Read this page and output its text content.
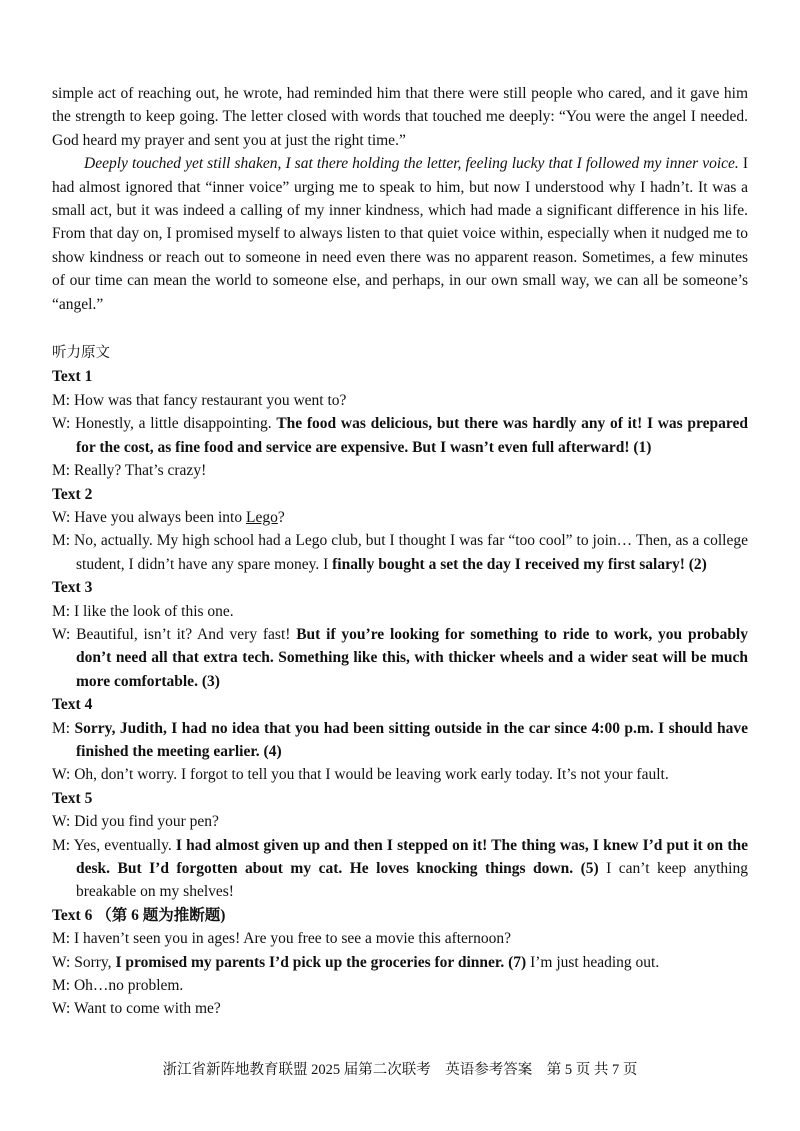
simple act of reaching out, he wrote, had reminded him that there were still people who cared, and it gave him the strength to keep going. The letter closed with words that touched me deeply: “You were the angel I needed. God heard my prayer and sent you at just the right time.”

Deeply touched yet still shaken, I sat there holding the letter, feeling lucky that I followed my inner voice. I had almost ignored that “inner voice” urging me to speak to him, but now I understood why I hadn’t. It was a small act, but it was indeed a calling of my inner kindness, which had made a significant difference in his life. From that day on, I promised myself to always listen to that quiet voice within, especially when it nudged me to show kindness or reach out to someone in need even there was no apparent reason. Sometimes, a few minutes of our time can mean the world to someone else, and perhaps, in our own small way, we can all be someone’s “angel.”

听力原文
Text 1
M: How was that fancy restaurant you went to?
W: Honestly, a little disappointing. The food was delicious, but there was hardly any of it! I was prepared for the cost, as fine food and service are expensive. But I wasn’t even full afterward! (1)
M: Really? That’s crazy!
Text 2
W: Have you always been into Lego?
M: No, actually. My high school had a Lego club, but I thought I was far “too cool” to join… Then, as a college student, I didn’t have any spare money. I finally bought a set the day I received my first salary! (2)
Text 3
M: I like the look of this one.
W: Beautiful, isn’t it? And very fast! But if you’re looking for something to ride to work, you probably don’t need all that extra tech. Something like this, with thicker wheels and a wider seat will be much more comfortable. (3)
Text 4
M: Sorry, Judith, I had no idea that you had been sitting outside in the car since 4:00 p.m. I should have finished the meeting earlier. (4)
W: Oh, don’t worry. I forgot to tell you that I would be leaving work early today. It’s not your fault.
Text 5
W: Did you find your pen?
M: Yes, eventually. I had almost given up and then I stepped on it! The thing was, I knew I’d put it on the desk. But I’d forgotten about my cat. He loves knocking things down. (5) I can’t keep anything breakable on my shelves!
Text 6 （第 6 题为推断题)
M: I haven’t seen you in ages! Are you free to see a movie this afternoon?
W: Sorry, I promised my parents I’d pick up the groceries for dinner. (7) I’m just heading out.
M: Oh…no problem.
W: Want to come with me?
浙江省新阵地教育联盟 2025 届第二次联考　英语参考答案　第 5 页 共 7 页
